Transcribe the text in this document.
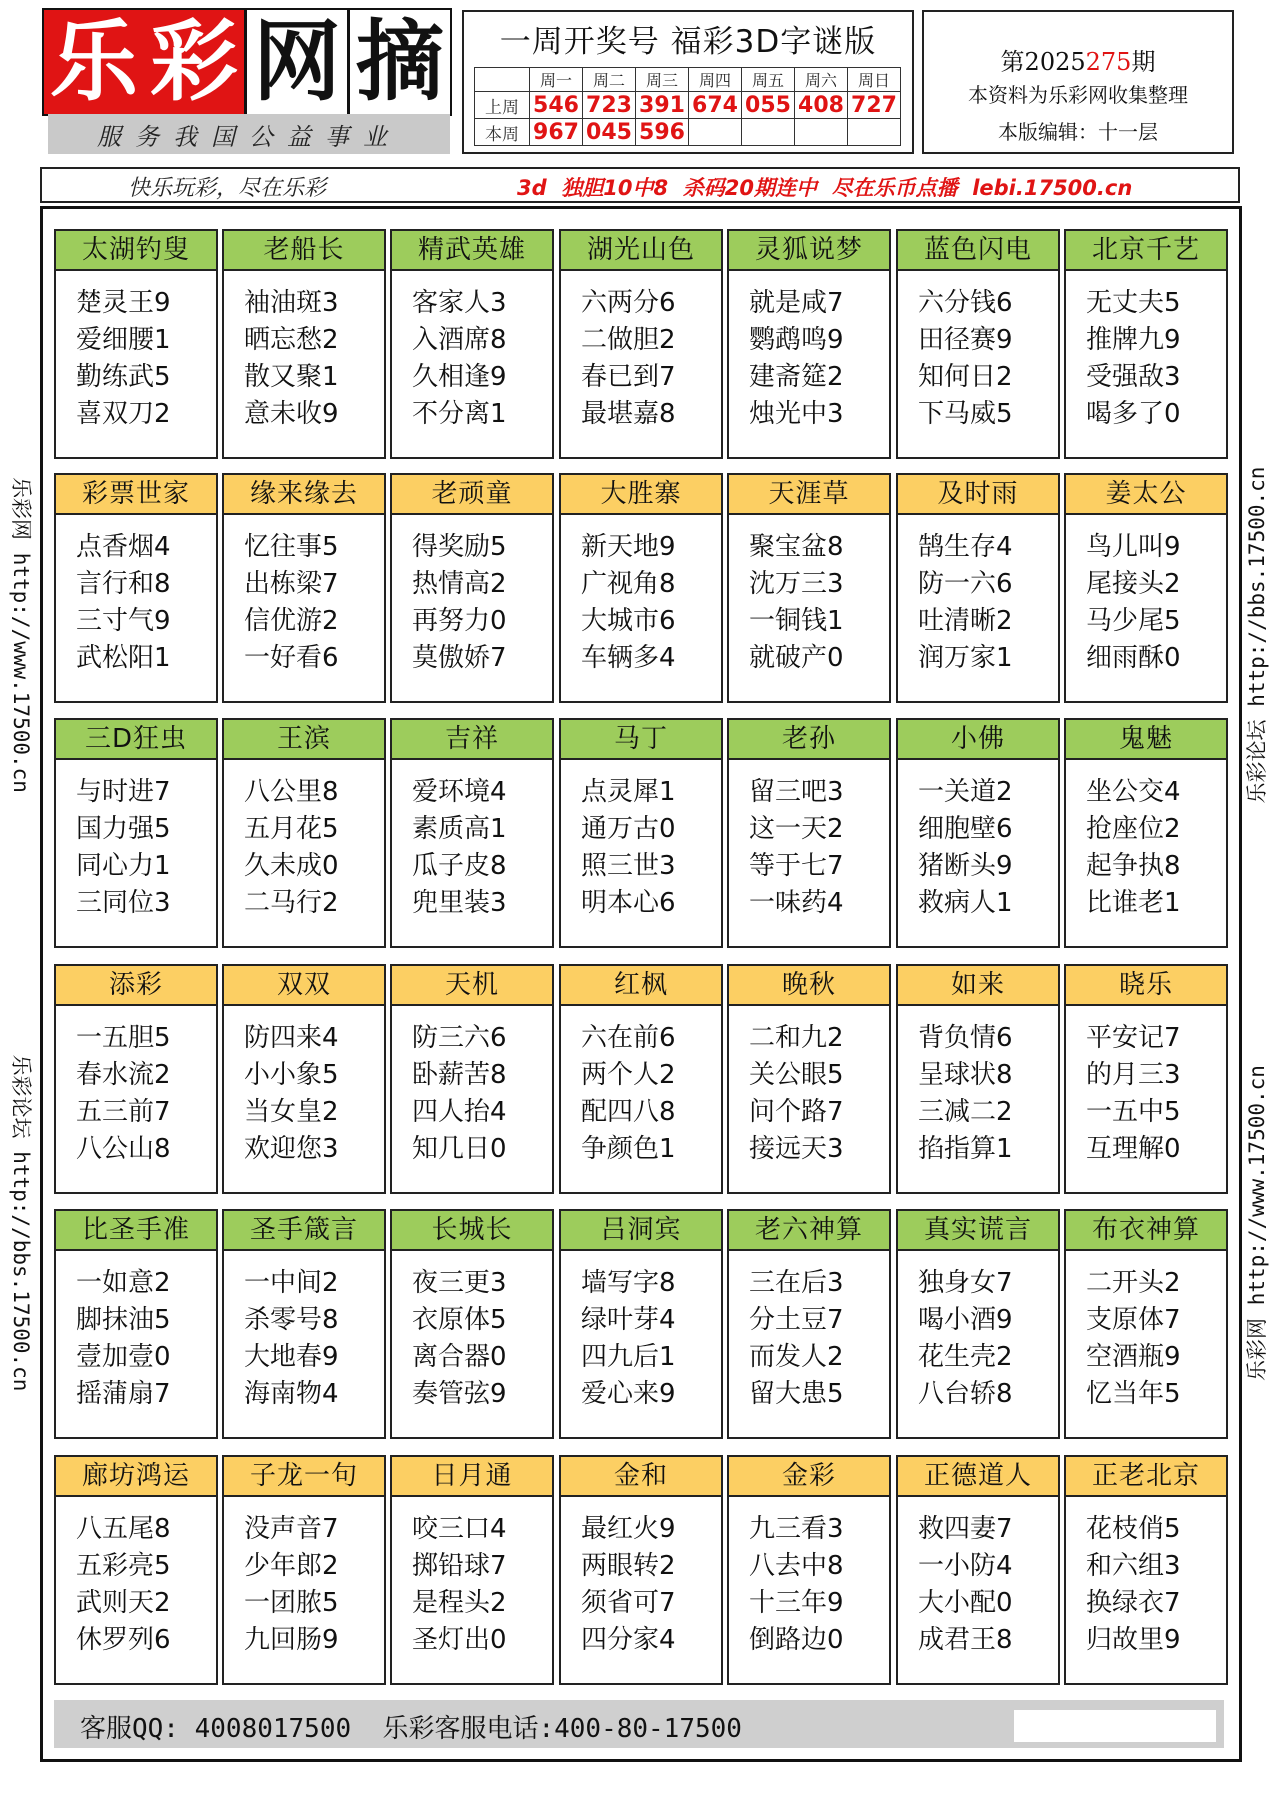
乐 彩 网 摘
服务我国公益事业
一周开奖号 福彩3D字谜版
	周一	周二	周三	周四	周五	周六	周日
上周	546	723	391	674	055	408	727
本周	967	045	596				
第2025275期
本资料为乐彩网收集整理
本版编辑：十一层
快乐玩彩，尽在乐彩	3d  独胆10中8  杀码20期连中  尽在乐币点播  lebi.17500.cn
乐彩网 http://www.17500.cn
乐彩论坛 http://bbs.17500.cn
乐彩论坛 http://bbs.17500.cn
乐彩网 http://www.17500.cn
太湖钓叟
楚灵王9
爱细腰1
勤练武5
喜双刀2
老船长
袖油斑3
晒忘愁2
散又聚1
意未收9
精武英雄
客家人3
入酒席8
久相逢9
不分离1
湖光山色
六两分6
二做胆2
春已到7
最堪嘉8
灵狐说梦
就是咸7
鹦鹉鸣9
建斋筵2
烛光中3
蓝色闪电
六分钱6
田径赛9
知何日2
下马威5
北京千艺
无丈夫5
推牌九9
受强敌3
喝多了0
彩票世家
点香烟4
言行和8
三寸气9
武松阳1
缘来缘去
忆往事5
出栋梁7
信优游2
一好看6
老顽童
得奖励5
热情高2
再努力0
莫傲娇7
大胜寨
新天地9
广视角8
大城市6
车辆多4
天涯草
聚宝盆8
沈万三3
一铜钱1
就破产0
及时雨
鹄生存4
防一六6
吐清晰2
润万家1
姜太公
鸟儿叫9
尾接头2
马少尾5
细雨酥0
三D狂虫
与时进7
国力强5
同心力1
三同位3
王滨
八公里8
五月花5
久未成0
二马行2
吉祥
爱环境4
素质高1
瓜子皮8
兜里装3
马丁
点灵犀1
通万古0
照三世3
明本心6
老孙
留三吧3
这一天2
等于七7
一味药4
小佛
一关道2
细胞壁6
猪断头9
救病人1
鬼魅
坐公交4
抢座位2
起争执8
比谁老1
添彩
一五胆5
春水流2
五三前7
八公山8
双双
防四来4
小小象5
当女皇2
欢迎您3
天机
防三六6
卧薪苦8
四人抬4
知几日0
红枫
六在前6
两个人2
配四八8
争颜色1
晚秋
二和九2
关公眼5
问个路7
接远天3
如来
背负情6
呈球状8
三减二2
掐指算1
晓乐
平安记7
的月三3
一五中5
互理解0
比圣手准
一如意2
脚抹油5
壹加壹0
摇蒲扇7
圣手箴言
一中间2
杀零号8
大地春9
海南物4
长城长
夜三更3
衣原体5
离合器0
奏管弦9
吕洞宾
墙写字8
绿叶芽4
四九后1
爱心来9
老六神算
三在后3
分土豆7
而发人2
留大患5
真实谎言
独身女7
喝小酒9
花生壳2
八台轿8
布衣神算
二开头2
支原体7
空酒瓶9
忆当年5
廊坊鸿运
八五尾8
五彩亮5
武则天2
休罗列6
子龙一句
没声音7
少年郎2
一团脓5
九回肠9
日月通
咬三口4
掷铅球7
是程头2
圣灯出0
金和
最红火9
两眼转2
须省可7
四分家4
金彩
九三看3
八去中8
十三年9
倒路边0
正德道人
救四妻7
一小防4
大小配0
成君王8
正老北京
花枝俏5
和六组3
换绿衣7
归故里9
客服QQ: 4008017500  乐彩客服电话:400-80-17500
